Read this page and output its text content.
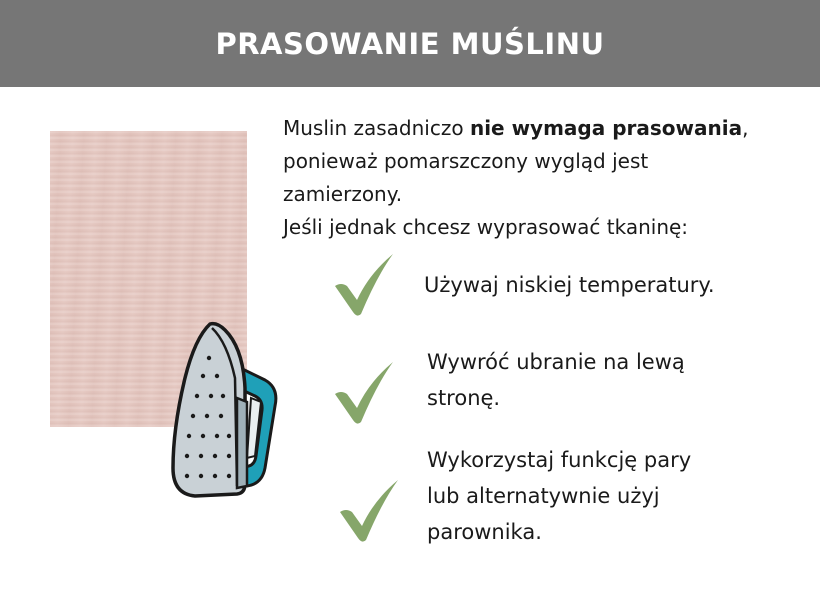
PRASOWANIE MUŚLINU
Muslin zasadniczo nie wymaga prasowania,
ponieważ pomarszczony wygląd jest
zamierzony.
Jeśli jednak chcesz wyprasować tkaninę:
Używaj niskiej temperatury.
Wywróć ubranie na lewą
stronę.
Wykorzystaj funkcję pary
lub alternatywnie użyj
parownika.
